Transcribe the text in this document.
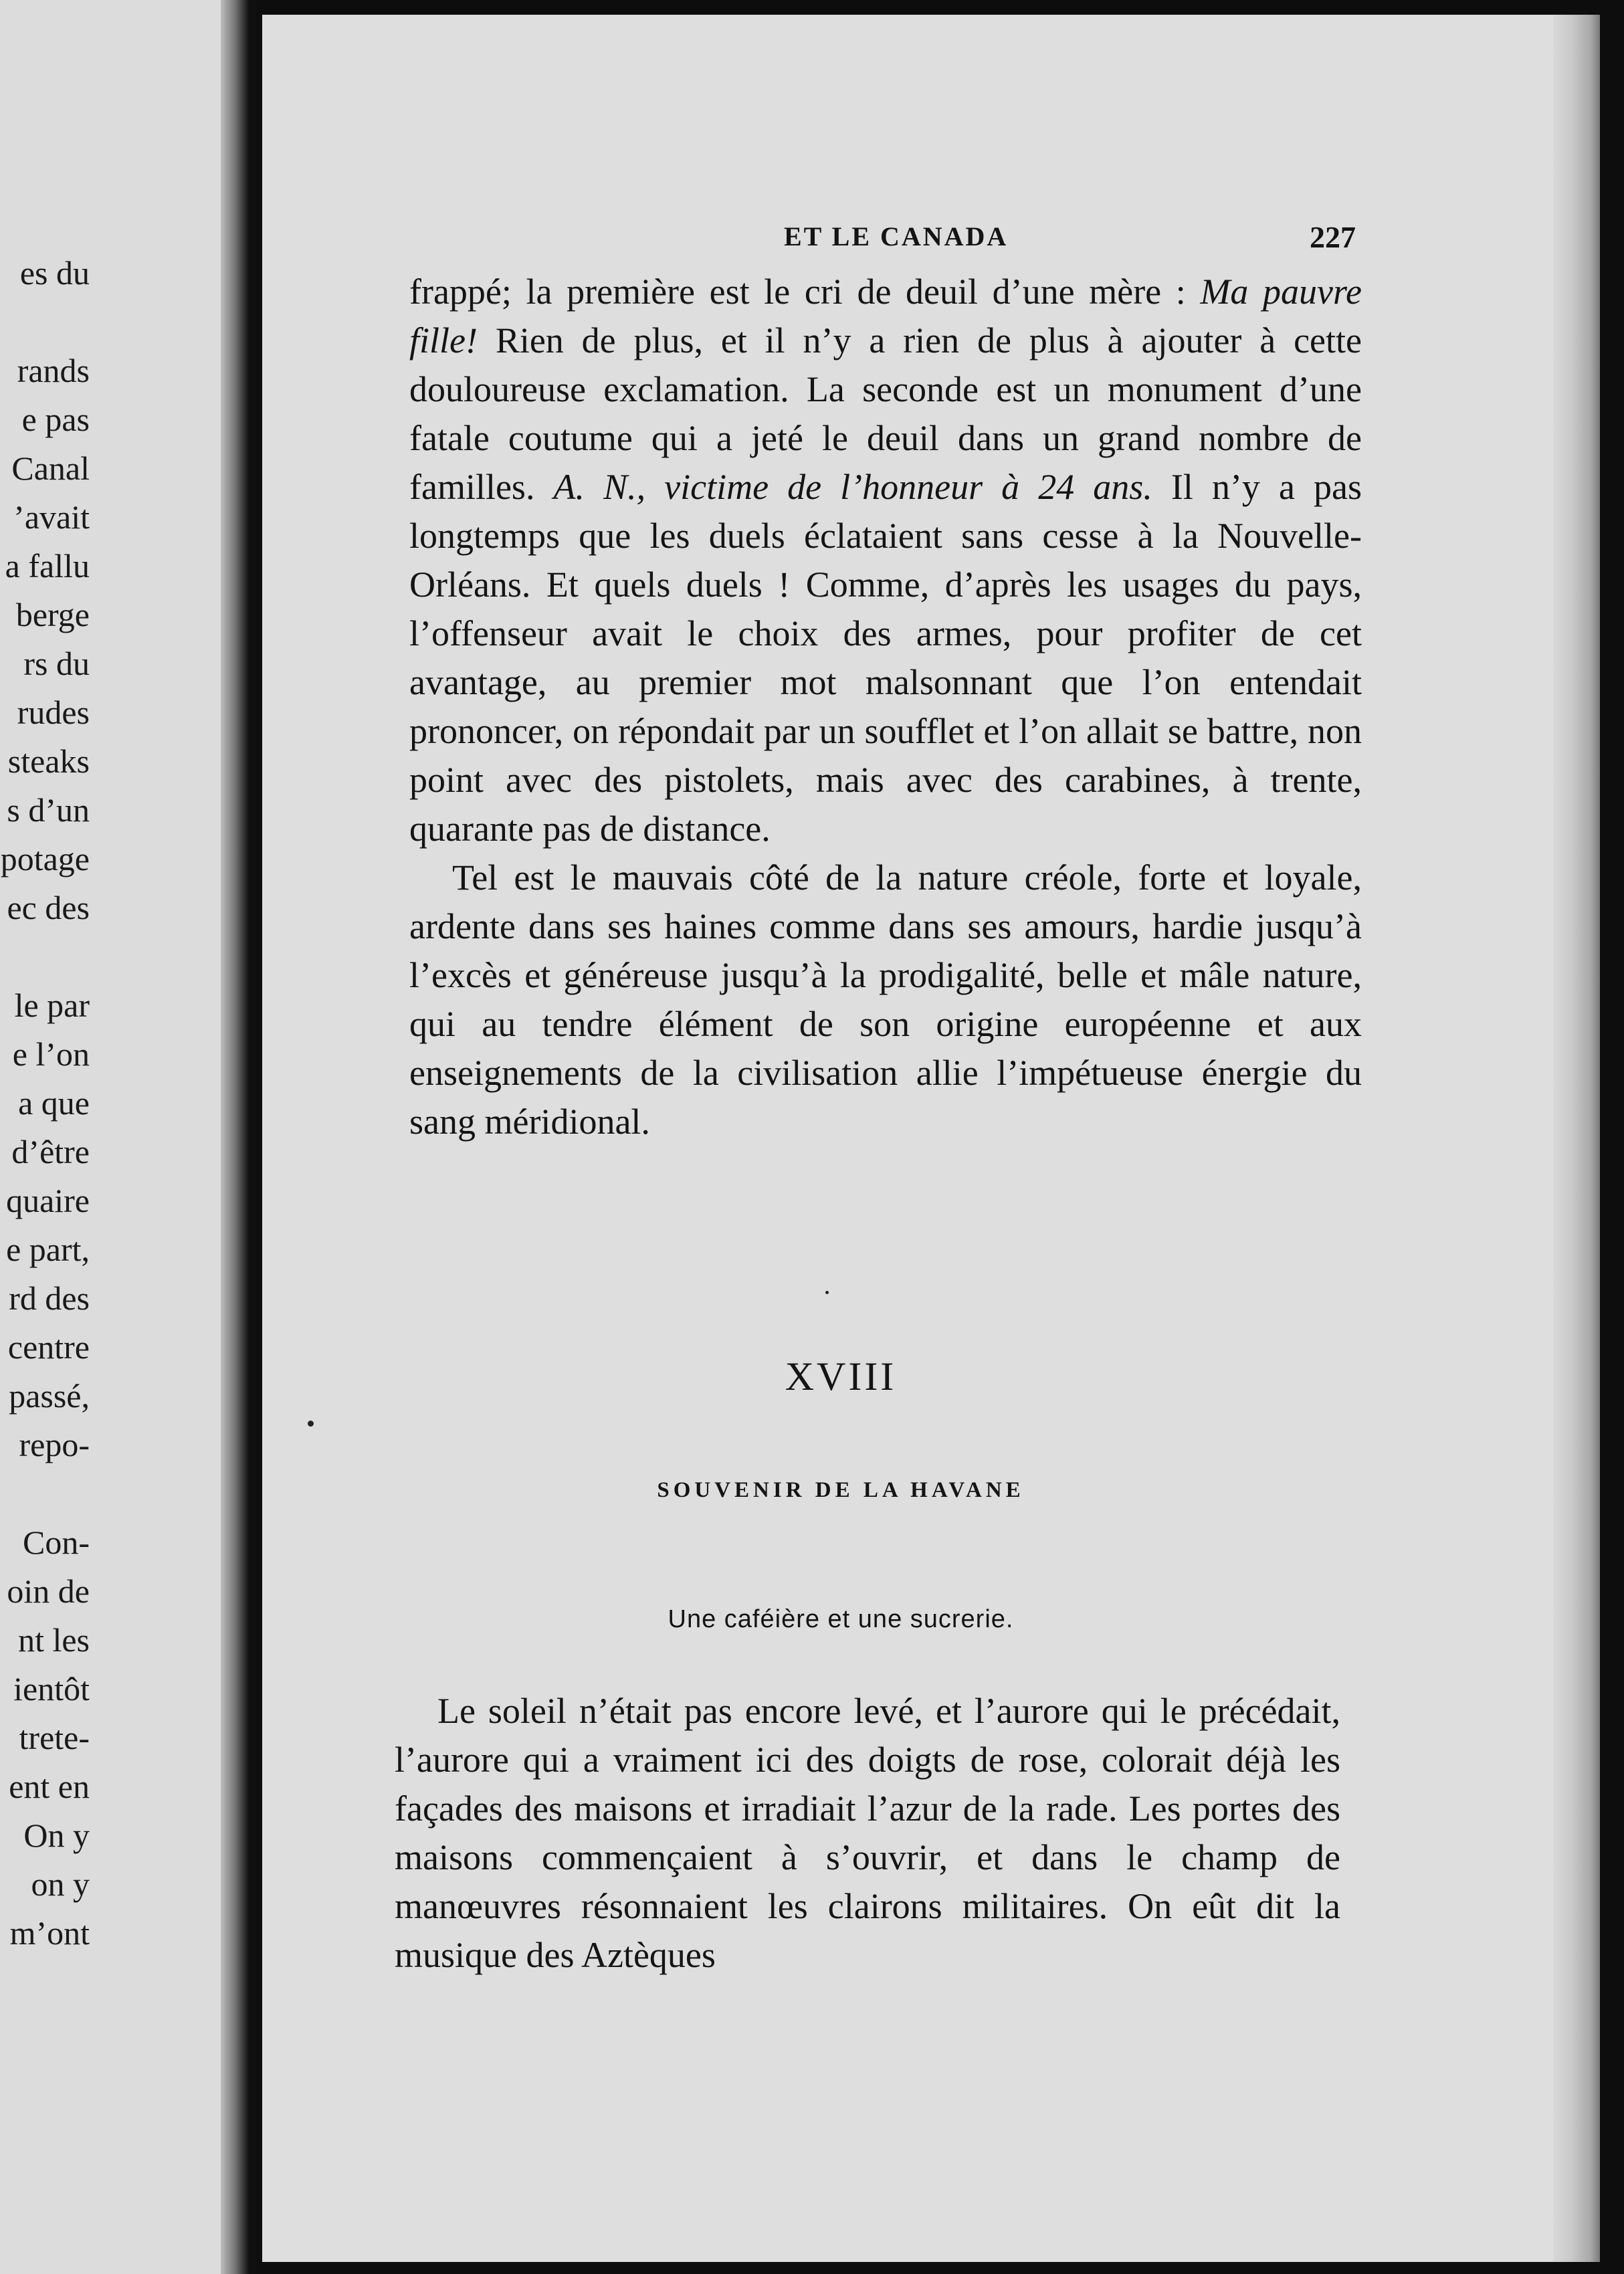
es du
rands
e pas
Canal
’avait
a fallu
berge
rs du
rudes
steaks
s d’un
potage
ec des
le par
e l’on
a que
d’être
quaire
e part,
rd des
centre
passé,
repo-
Con-
oin de
nt les
ientôt
trete-
ent en
On y
on y
m’ont
ET LE CANADA	227

frappé; la première est le cri de deuil d’une mère : Ma pauvre fille! Rien de plus, et il n’y a rien de plus à ajouter à cette douloureuse exclamation. La seconde est un monument d’une fatale coutume qui a jeté le deuil dans un grand nombre de familles. A. N., victime de l’honneur à 24 ans. Il n’y a pas longtemps que les duels éclataient sans cesse à la Nouvelle-Orléans. Et quels duels ! Comme, d’après les usages du pays, l’offenseur avait le choix des armes, pour profiter de cet avantage, au premier mot malsonnant que l’on entendait prononcer, on répondait par un soufflet et l’on allait se battre, non point avec des pistolets, mais avec des carabines, à trente, quarante pas de distance.

Tel est le mauvais côté de la nature créole, forte et loyale, ardente dans ses haines comme dans ses amours, hardie jusqu’à l’excès et généreuse jusqu’à la prodigalité, belle et mâle nature, qui au tendre élément de son origine européenne et aux enseignements de la civilisation allie l’impétueuse énergie du sang méridional.

XVIII
SOUVENIR DE LA HAVANE
Une caféière et une sucrerie.

Le soleil n’était pas encore levé, et l’aurore qui le précédait, l’aurore qui a vraiment ici des doigts de rose, colorait déjà les façades des maisons et irradiait l’azur de la rade. Les portes des maisons commençaient à s’ouvrir, et dans le champ de manœuvres résonnaient les clairons militaires. On eût dit la musique des Aztèques
